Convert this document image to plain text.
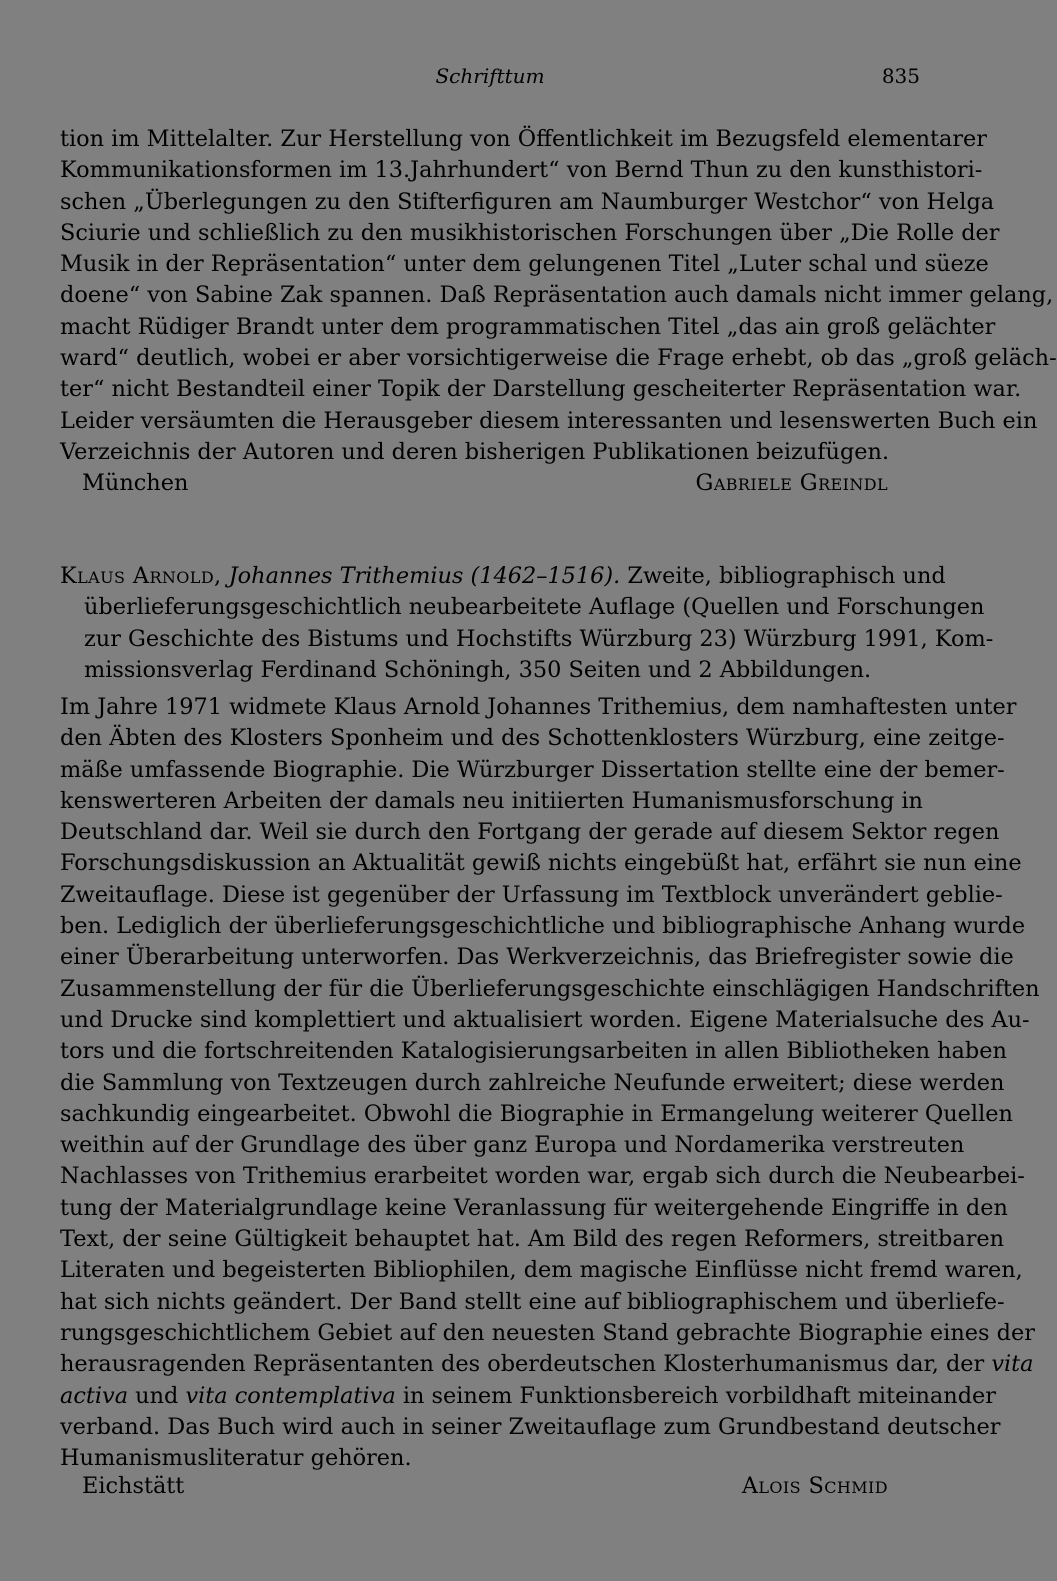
Schrifttum	835
tion im Mittelalter. Zur Herstellung von Öffentlichkeit im Bezugsfeld elementarer
Kommunikationsformen im 13.Jahrhundert“ von Bernd Thun zu den kunsthistori-
schen „Überlegungen zu den Stifterfiguren am Naumburger Westchor“ von Helga
Sciurie und schließlich zu den musikhistorischen Forschungen über „Die Rolle der
Musik in der Repräsentation“ unter dem gelungenen Titel „Luter schal und süeze
doene“ von Sabine Zak spannen. Daß Repräsentation auch damals nicht immer gelang,
macht Rüdiger Brandt unter dem programmatischen Titel „das ain groß gelächter
ward“ deutlich, wobei er aber vorsichtigerweise die Frage erhebt, ob das „groß geläch-
ter“ nicht Bestandteil einer Topik der Darstellung gescheiterter Repräsentation war.
Leider versäumten die Herausgeber diesem interessanten und lesenswerten Buch ein
Verzeichnis der Autoren und deren bisherigen Publikationen beizufügen.
München	Gabriele Greindl
Klaus Arnold, Johannes Trithemius (1462–1516). Zweite, bibliographisch und
überlieferungsgeschichtlich neubearbeitete Auflage (Quellen und Forschungen
zur Geschichte des Bistums und Hochstifts Würzburg 23) Würzburg 1991, Kom-
missionsverlag Ferdinand Schöningh, 350 Seiten und 2 Abbildungen.
Im Jahre 1971 widmete Klaus Arnold Johannes Trithemius, dem namhaftesten unter
den Äbten des Klosters Sponheim und des Schottenklosters Würzburg, eine zeitge-
mäße umfassende Biographie. Die Würzburger Dissertation stellte eine der bemer-
kenswerteren Arbeiten der damals neu initiierten Humanismusforschung in
Deutschland dar. Weil sie durch den Fortgang der gerade auf diesem Sektor regen
Forschungsdiskussion an Aktualität gewiß nichts eingebüßt hat, erfährt sie nun eine
Zweitauflage. Diese ist gegenüber der Urfassung im Textblock unverändert geblie-
ben. Lediglich der überlieferungsgeschichtliche und bibliographische Anhang wurde
einer Überarbeitung unterworfen. Das Werkverzeichnis, das Briefregister sowie die
Zusammenstellung der für die Überlieferungsgeschichte einschlägigen Handschriften
und Drucke sind komplettiert und aktualisiert worden. Eigene Materialsuche des Au-
tors und die fortschreitenden Katalogisierungsarbeiten in allen Bibliotheken haben
die Sammlung von Textzeugen durch zahlreiche Neufunde erweitert; diese werden
sachkundig eingearbeitet. Obwohl die Biographie in Ermangelung weiterer Quellen
weithin auf der Grundlage des über ganz Europa und Nordamerika verstreuten
Nachlasses von Trithemius erarbeitet worden war, ergab sich durch die Neubearbei-
tung der Materialgrundlage keine Veranlassung für weitergehende Eingriffe in den
Text, der seine Gültigkeit behauptet hat. Am Bild des regen Reformers, streitbaren
Literaten und begeisterten Bibliophilen, dem magische Einflüsse nicht fremd waren,
hat sich nichts geändert. Der Band stellt eine auf bibliographischem und überliefe-
rungsgeschichtlichem Gebiet auf den neuesten Stand gebrachte Biographie eines der
herausragenden Repräsentanten des oberdeutschen Klosterhumanismus dar, der vita
activa und vita contemplativa in seinem Funktionsbereich vorbildhaft miteinander
verband. Das Buch wird auch in seiner Zweitauflage zum Grundbestand deutscher
Humanismusliteratur gehören.
Eichstätt	Alois Schmid
